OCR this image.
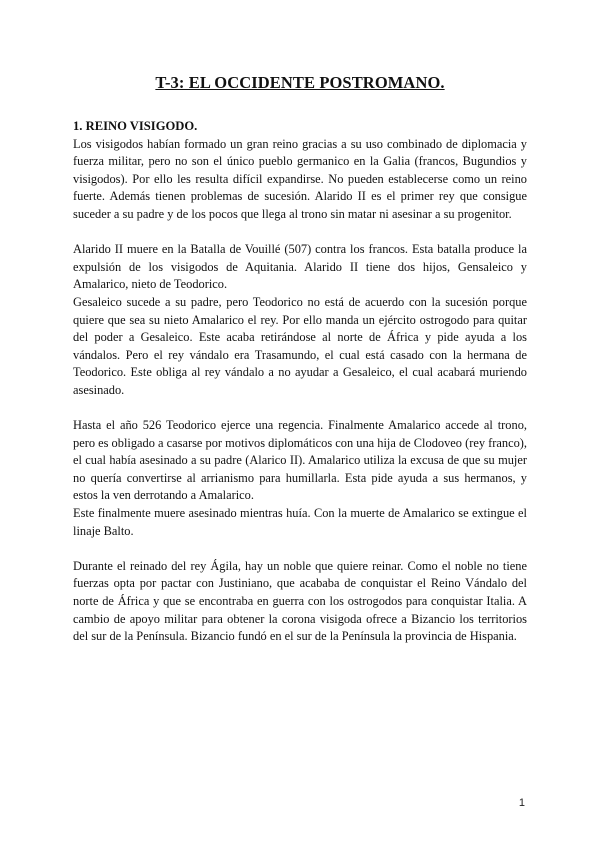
T-3: EL OCCIDENTE POSTROMANO.

1. REINO VISIGODO.

Los visigodos habían formado un gran reino gracias a su uso combinado de diplomacia y fuerza militar, pero no son el único pueblo germanico en la Galia (francos, Bugundios y visigodos). Por ello les resulta difícil expandirse. No pueden establecerse como un reino fuerte. Además tienen problemas de sucesión. Alarido II es el primer rey que consigue suceder a su padre y de los pocos que llega al trono sin matar ni asesinar a su progenitor.

Alarido II muere en la Batalla de Vouillé (507) contra los francos. Esta batalla produce la expulsión de los visigodos de Aquitania. Alarido II tiene dos hijos, Gensaleico y Amalarico, nieto de Teodorico.

Gesaleico sucede a su padre, pero Teodorico no está de acuerdo con la sucesión porque quiere que sea su nieto Amalarico el rey. Por ello manda un ejército ostrogodo para quitar del poder a Gesaleico. Este acaba retirándose al norte de África y pide ayuda a los vándalos. Pero el rey vándalo era Trasamundo, el cual está casado con la hermana de Teodorico. Este obliga al rey vándalo a no ayudar a Gesaleico, el cual acabará muriendo asesinado.

Hasta el año 526 Teodorico ejerce una regencia. Finalmente Amalarico accede al trono, pero es obligado a casarse por motivos diplomáticos con una hija de Clodoveo (rey franco), el cual había asesinado a su padre (Alarico II). Amalarico utiliza la excusa de que su mujer no quería convertirse al arrianismo para humillarla. Esta pide ayuda a sus hermanos, y estos la ven derrotando a Amalarico.

Este finalmente muere asesinado mientras huía. Con la muerte de Amalarico se extingue el linaje Balto.

Durante el reinado del rey Ágila, hay un noble que quiere reinar. Como el noble no tiene fuerzas opta por pactar con Justiniano, que acababa de conquistar el Reino Vándalo del norte de África y que se encontraba en guerra con los ostrogodos para conquistar Italia. A cambio de apoyo militar para obtener la corona visigoda ofrece a Bizancio los territorios del sur de la Península. Bizancio fundó en el sur de la Península la provincia de Hispania.

1
